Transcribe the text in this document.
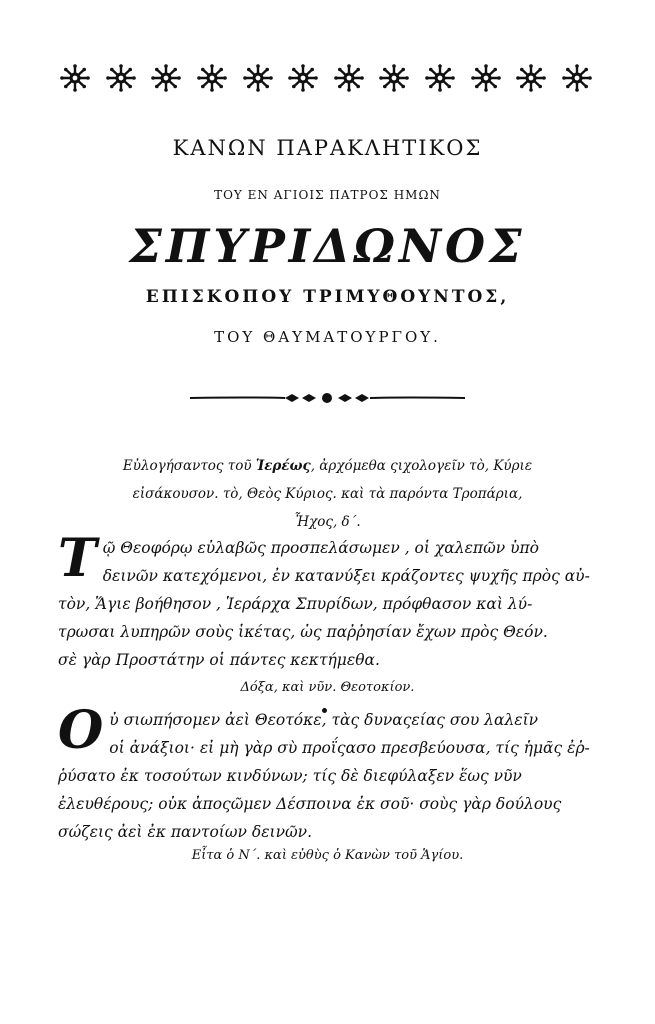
ΚΑΝΩΝ ΠΑΡΑΚΛΗΤΙΚΟΣ
ΤΟΥ ΕΝ ΑΓΙΟΙΣ ΠΑΤΡΟΣ ΗΜΩΝ
ΣΠΥΡΙΔΩΝΟΣ
ΕΠΙΣΚΟΠΟΥ ΤΡΙΜΥΘΟΥΝΤΟΣ,
ΤΟΥ ΘΑΥΜΑΤΟΥΡΓΟΥ.
Εὐλογήσαντος τοῦ Ἱερέως, ἀρχόμεθα ςιχολογεῖν τὸ, Κύριε
εἰσάκουσον. τὸ, Θεὸς Κύριος. καὶ τὰ παρόντα Τροπάρια,
Ἦχος, δ΄.
Τ ῷ Θεοφόρῳ εὐλαβῶς προσπελάσωμεν , οἱ χαλεπῶν ὑπὸ
δεινῶν κατεχόμενοι, ἐν κατανύξει κράζοντες ψυχῆς πρὸς αὐ-
τὸν, Ἅγιε βοήθησον , Ἱεράρχα Σπυρίδων, πρόφθασον καὶ λύ-
τρωσαι λυπηρῶν σοὺς ἱκέτας, ὡς παῤῥησίαν ἔχων πρὸς Θεόν.
σὲ γὰρ Προστάτην οἱ πάντες κεκτήμεθα.
Δόξα, καὶ νῦν. Θεοτοκίον.
Ο ὐ σιωπήσομεν ἀεὶ Θεοτόκε, τὰς δυναςείας σου λαλεῖν
οἱ ἀνάξιοι· εἰ μὴ γὰρ σὺ προΐςασο πρεσβεύουσα, τίς ἡμᾶς ἐῤ-
ῥύσατο ἐκ τοσούτων κινδύνων; τίς δὲ διεφύλαξεν ἕως νῦν
ἐλευθέρους; οὐκ ἀποςῶμεν Δέσποινα ἐκ σοῦ· σοὺς γὰρ δούλους
σώζεις ἀεὶ ἐκ παντοίων δεινῶν.
Εἶτα ὁ Ν΄. καὶ εὐθὺς ὁ Κανὼν τοῦ Ἁγίου.
